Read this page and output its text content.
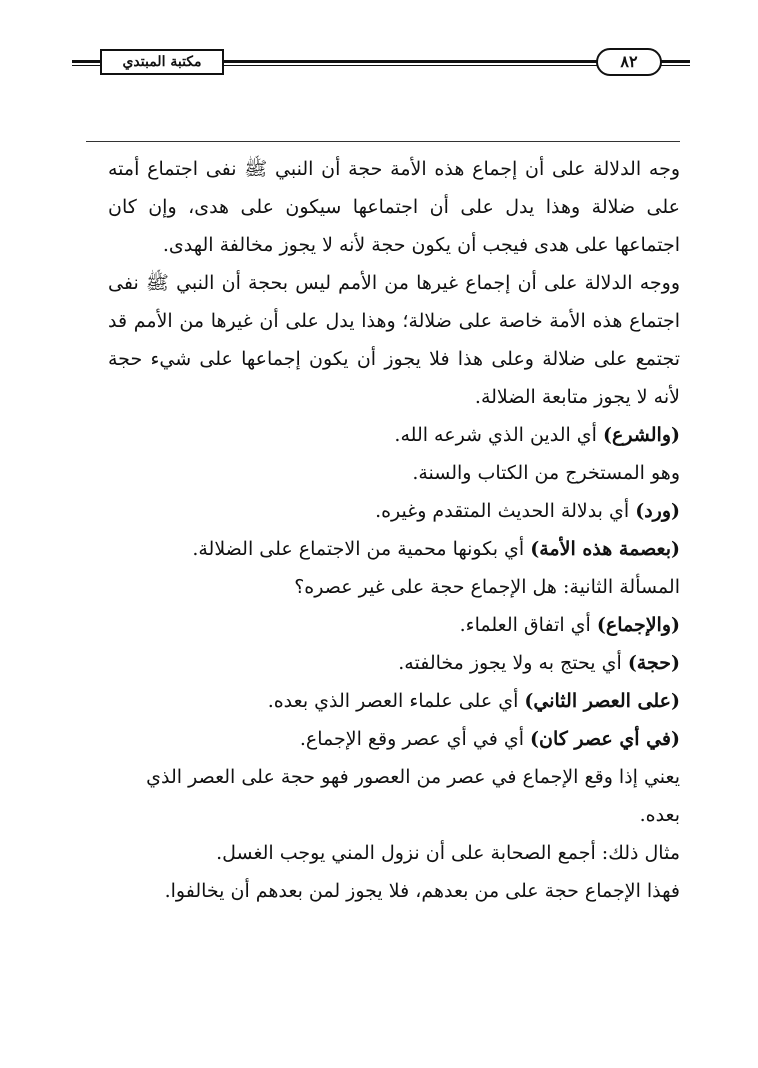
مكتبة المبتدي	٨٢

وجه الدلالة على أن إجماع هذه الأمة حجة أن النبي ﷺ نفى اجتماع أمته على ضلالة وهذا يدل على أن اجتماعها سيكون على هدى، وإن كان اجتماعها على هدى فيجب أن يكون حجة لأنه لا يجوز مخالفة الهدى.

ووجه الدلالة على أن إجماع غيرها من الأمم ليس بحجة أن النبي ﷺ نفى اجتماع هذه الأمة خاصة على ضلالة؛ وهذا يدل على أن غيرها من الأمم قد تجتمع على ضلالة وعلى هذا فلا يجوز أن يكون إجماعها على شيء حجة لأنه لا يجوز متابعة الضلالة.

(والشرع) أي الدين الذي شرعه الله.

وهو المستخرج من الكتاب والسنة.

(ورد) أي بدلالة الحديث المتقدم وغيره.

(بعصمة هذه الأمة) أي بكونها محمية من الاجتماع على الضلالة.

المسألة الثانية: هل الإجماع حجة على غير عصره؟

(والإجماع) أي اتفاق العلماء.

(حجة) أي يحتج به ولا يجوز مخالفته.

(على العصر الثاني) أي على علماء العصر الذي بعده.

(في أي عصر كان) أي في أي عصر وقع الإجماع.

يعني إذا وقع الإجماع في عصر من العصور فهو حجة على العصر الذي بعده.

مثال ذلك: أجمع الصحابة على أن نزول المني يوجب الغسل.

فهذا الإجماع حجة على من بعدهم، فلا يجوز لمن بعدهم أن يخالفوا.
